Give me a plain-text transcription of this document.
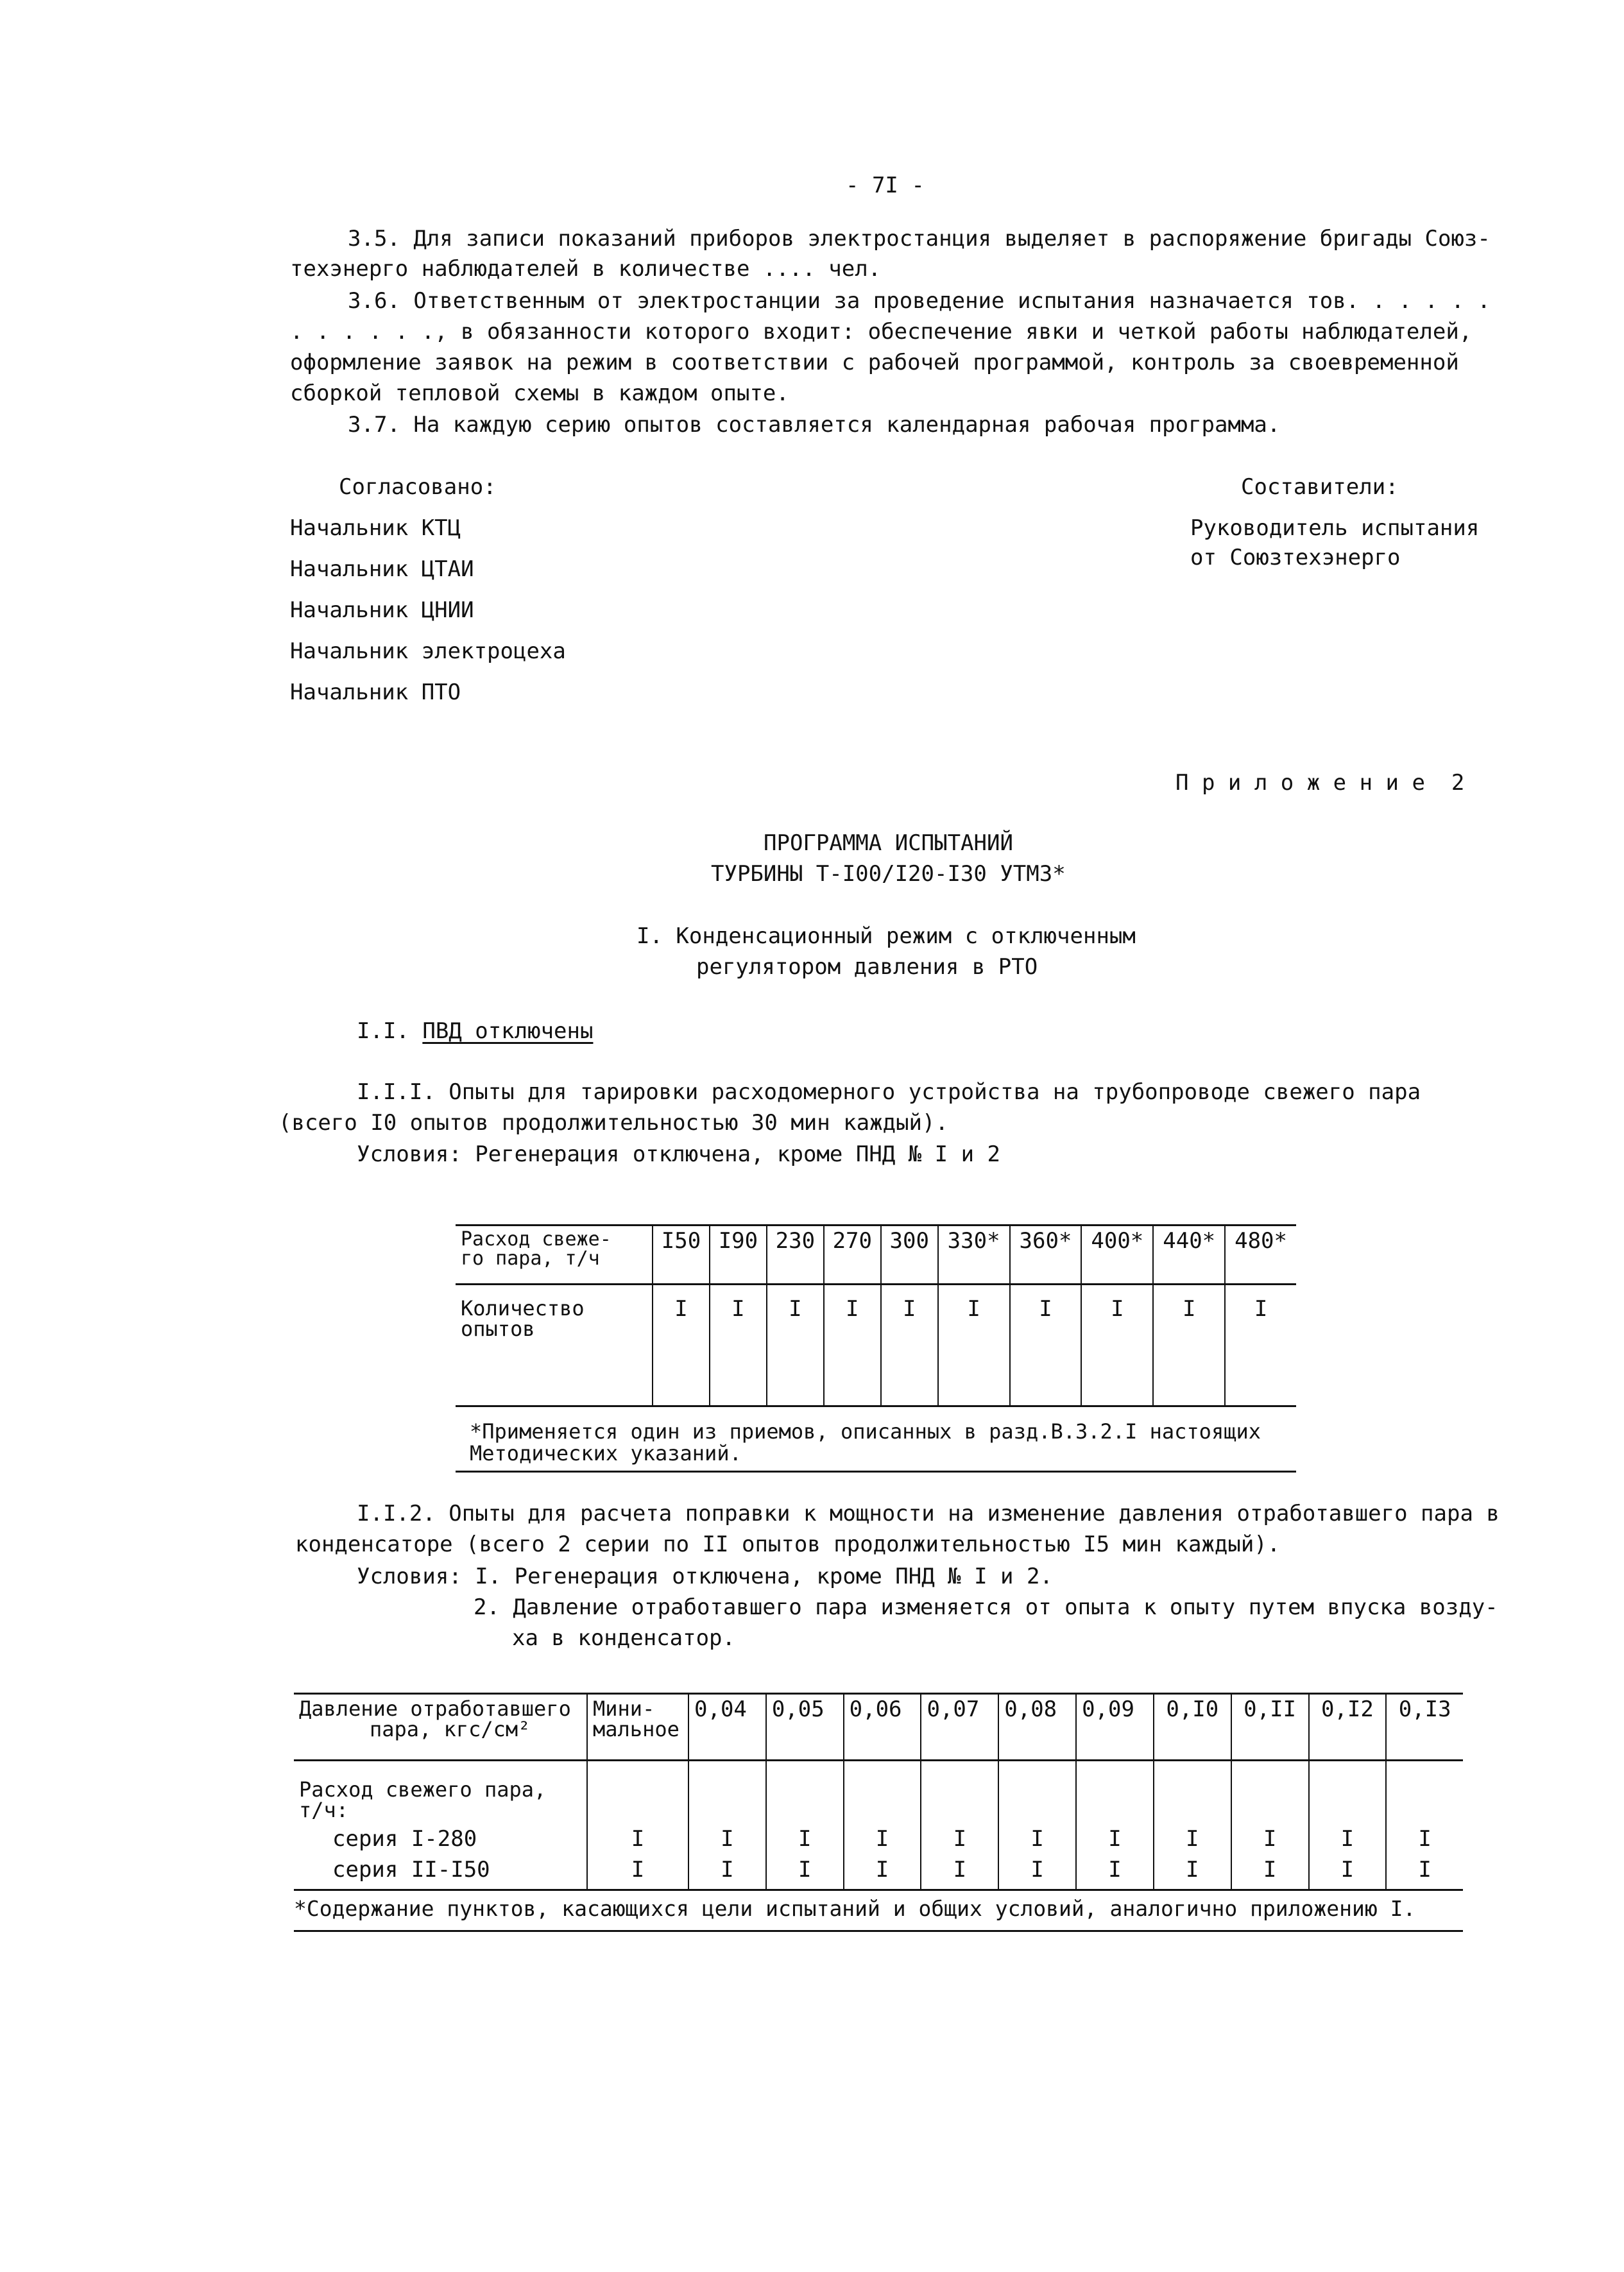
- 7I -
3.5. Для записи показаний приборов электростанция выделяет в распоряжение бригады Союз-
техэнерго наблюдателей в количестве .... чел.
3.6. Ответственным от электростанции за проведение испытания назначается тов. . . . . .
. . . . . ., в обязанности которого входит: обеспечение явки и четкой работы наблюдателей,
оформление заявок на режим в соответствии с рабочей программой, контроль за своевременной
сборкой тепловой схемы в каждом опыте.
3.7. На каждую серию опытов составляется календарная рабочая программа.
Согласовано:
Начальник КТЦ
Начальник ЦТАИ
Начальник ЦНИИ
Начальник электроцеха
Начальник ПТО
Составители:
Руководитель испытания
от Союзтехэнерго
П р и л о ж е н и е  2
ПРОГРАММА ИСПЫТАНИЙ
ТУРБИНЫ Т-I00/I20-I30 УТМЗ*
I. Конденсационный режим с отключенным
регулятором давления в РТО
I.I. ПВД отключены
I.I.I. Опыты для тарировки расходомерного устройства на трубопроводе свежего пара
(всего I0 опытов продолжительностью 30 мин каждый).
Условия: Регенерация отключена, кроме ПНД № I и 2
Расход свеже-
го пара, т/ч	I50	I90	230	270	300	330*	360*	400*	440*	480*
Количество
опытов	I	I	I	I	I	I	I	I	I	I
*Применяется один из приемов, описанных в разд.В.3.2.I настоящих
Методических указаний.
I.I.2. Опыты для расчета поправки к мощности на изменение давления отработавшего пара в
конденсаторе (всего 2 серии по II опытов продолжительностью I5 мин каждый).
Условия: I. Регенерация отключена, кроме ПНД № I и 2.
2. Давление отработавшего пара изменяется от опыта к опыту путем впуска возду-
ха в конденсатор.
Давление отработавшего
пара, кгс/см²	Мини-
мальное	0,04	0,05	0,06	0,07	0,08	0,09	0,I0	0,II	0,I2	0,I3
Расход свежего пара,
т/ч:											
серия I-280	I	I	I	I	I	I	I	I	I	I	I
серия II-I50	I	I	I	I	I	I	I	I	I	I	I
*Содержание пунктов, касающихся цели испытаний и общих условий, аналогично приложению I.
